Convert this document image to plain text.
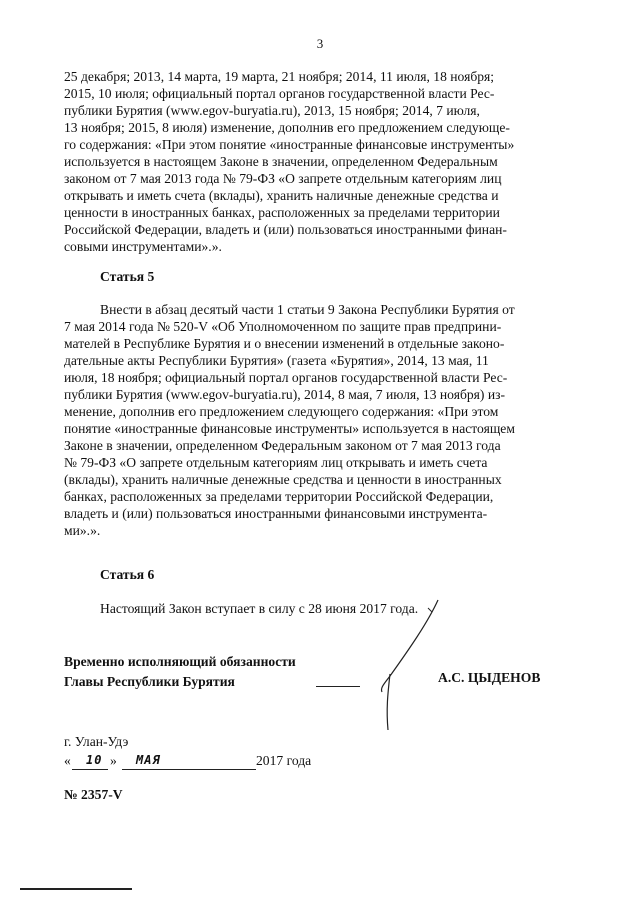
3

25 декабря; 2013, 14 марта, 19 марта, 21 ноября; 2014, 11 июля, 18 ноября;

2015, 10 июля; официальный портал органов государственной власти Рес-

публики Бурятия (www.egov-buryatia.ru), 2013, 15 ноября; 2014, 7 июля,

13 ноября; 2015, 8 июля) изменение, дополнив его предложением следующе-

го содержания: «При этом понятие «иностранные финансовые инструменты»

используется в настоящем Законе в значении, определенном Федеральным

законом от 7 мая 2013 года № 79-ФЗ «О запрете отдельным категориям лиц

открывать и иметь счета (вклады), хранить наличные денежные средства и

ценности в иностранных банках, расположенных за пределами территории

Российской Федерации, владеть и (или) пользоваться иностранными финан-

совыми инструментами».».

Статья 5

Внести в абзац десятый части 1 статьи 9 Закона Республики Бурятия от

7 мая 2014 года № 520-V «Об Уполномоченном по защите прав предприни-

мателей в Республике Бурятия и о внесении изменений в отдельные законо-

дательные акты Республики Бурятия» (газета «Бурятия», 2014, 13 мая, 11

июля, 18 ноября; официальный портал органов государственной власти Рес-

публики Бурятия (www.egov-buryatia.ru), 2014, 8 мая, 7 июля, 13 ноября) из-

менение, дополнив его предложением следующего содержания: «При этом

понятие «иностранные финансовые инструменты» используется в настоящем

Законе в значении, определенном Федеральным законом от 7 мая 2013 года

№ 79-ФЗ «О запрете отдельным категориям лиц открывать и иметь счета

(вклады), хранить наличные денежные средства и ценности в иностранных

банках, расположенных за пределами территории Российской Федерации,

владеть и (или) пользоваться иностранными финансовыми инструмента-

ми».».

Статья 6

Настоящий Закон вступает в силу с 28 июня 2017 года.

Временно исполняющий обязанности
Главы Республики Бурятия	А.С. ЦЫДЕНОВ
г. Улан-Удэ
« 10 » МАЯ	2017 года
№ 2357-V
